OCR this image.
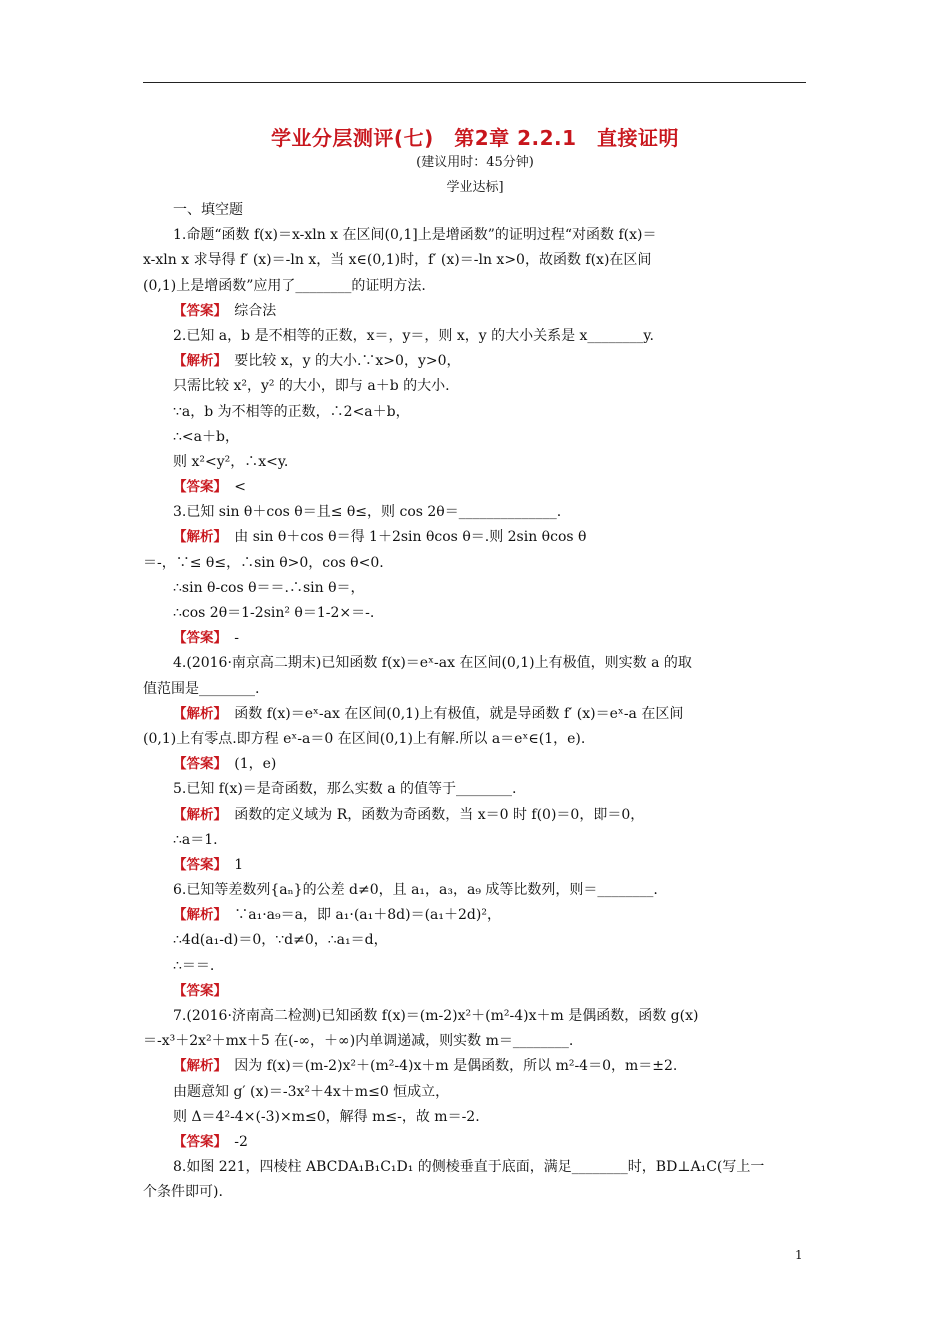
学业分层测评(七)　第2章 2.2.1　直接证明
(建议用时：45分钟)
学业达标]
一、填空题
1.命题“函数 f(x)＝x-xln x 在区间(0,1]上是增函数”的证明过程“对函数 f(x)＝
x-xln x 求导得 f′ (x)＝-ln x，当 x∈(0,1)时，f′ (x)＝-ln x>0，故函数 f(x)在区间
(0,1)上是增函数”应用了________的证明方法.
【答案】　综合法
2.已知 a，b 是不相等的正数，x＝，y＝，则 x，y 的大小关系是 x________y.
【解析】　要比较 x，y 的大小.∵x>0，y>0，
只需比较 x²，y² 的大小，即与 a＋b 的大小.
∵a，b 为不相等的正数，∴2<a＋b，
∴<a＋b，
则 x²<y²，∴x<y.
【答案】　<
3.已知 sin θ＋cos θ＝且≤ θ≤，则 cos 2θ＝______________.
【解析】　由 sin θ＋cos θ＝得 1＋2sin θcos θ＝.则 2sin θcos θ
＝-，∵≤ θ≤，∴sin θ>0，cos θ<0.
∴sin θ-cos θ＝＝.∴sin θ＝，
∴cos 2θ＝1-2sin² θ＝1-2×＝-.
【答案】　-
4.(2016·南京高二期末)已知函数 f(x)＝eˣ-ax 在区间(0,1)上有极值，则实数 a 的取
值范围是________.
【解析】　函数 f(x)＝eˣ-ax 在区间(0,1)上有极值，就是导函数 f′ (x)＝eˣ-a 在区间
(0,1)上有零点.即方程 eˣ-a＝0 在区间(0,1)上有解.所以 a＝eˣ∈(1，e).
【答案】　(1，e)
5.已知 f(x)＝是奇函数，那么实数 a 的值等于________.
【解析】　函数的定义域为 R，函数为奇函数，当 x＝0 时 f(0)＝0，即＝0，
∴a＝1.
【答案】　1
6.已知等差数列{aₙ}的公差 d≠0，且 a₁，a₃，a₉ 成等比数列，则＝________.
【解析】　∵a₁·a₉＝a，即 a₁·(a₁＋8d)＝(a₁＋2d)²，
∴4d(a₁-d)＝0，∵d≠0，∴a₁＝d，
∴＝＝.
【答案】
7.(2016·济南高二检测)已知函数 f(x)＝(m-2)x²＋(m²-4)x＋m 是偶函数，函数 g(x)
＝-x³＋2x²＋mx＋5 在(-∞，＋∞)内单调递减，则实数 m＝________.
【解析】　因为 f(x)＝(m-2)x²＋(m²-4)x＋m 是偶函数，所以 m²-4＝0，m＝±2.
由题意知 g′ (x)＝-3x²＋4x＋m≤0 恒成立，
则 Δ＝4²-4×(-3)×m≤0，解得 m≤-，故 m＝-2.
【答案】　-2
8.如图 221，四棱柱 ABCDA₁B₁C₁D₁ 的侧棱垂直于底面，满足________时，BD⊥A₁C(写上一
个条件即可).
1
